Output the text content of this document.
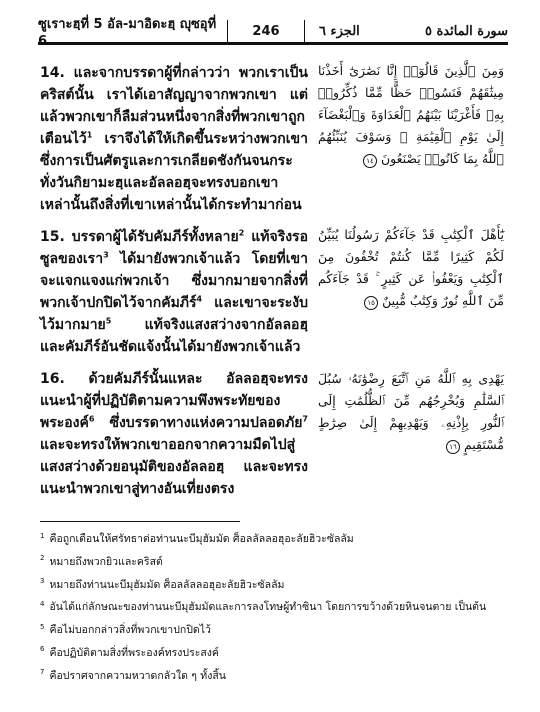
ซูเราะฮฺที่ 5 อัล-มาอิดะฮฺ ญุซอุที่ 6
246	الجزء ٦	سورة المائدة ٥
14. และจากบรรดาผู้ที่กล่าวว่า พวกเราเป็นคริสต์นั้น เราได้เอาสัญญาจากพวกเขา แต่แล้วพวกเขาก็ลืมส่วนหนึ่งจากสิ่งที่พวกเขาถูกเตือนไว้$^1$ เราจึงได้ให้เกิดขึ้นระหว่างพวกเขาซึ่งการเป็นศัตรูและการเกลียดชังกันจนกระทั่งวันกิยามะฮฺและอัลลอฮฺจะทรงบอกเขาเหล่านั้นถึงสิ่งที่เขาเหล่านั้นได้กระทำมาก่อน
وَمِنَ ٱلَّذِينَ قَالُوٓا۟ إِنَّا نَصَٰرَىٰٓ أَخَذْنَا مِيثَٰقَهُمْ فَنَسُوا۟ حَظًّا مِّمَّا ذُكِّرُوا۟ بِهِۦ فَأَغْرَيْنَا بَيْنَهُمُ ٱلْعَدَاوَةَ وَٱلْبَغْضَآءَ إِلَىٰ يَوْمِ ٱلْقِيَٰمَةِ ۚ وَسَوْفَ يُنَبِّئُهُمُ ٱللَّهُ بِمَا كَانُوا۟ يَصْنَعُونَ ١٤
15. บรรดาผู้ได้รับคัมภีร์ทั้งหลาย$^2$ แท้จริงรอซูลของเรา$^3$ ได้มายังพวกเจ้าแล้ว โดยที่เขาจะแจกแจงแก่พวกเจ้า ซึ่งมากมายจากสิ่งที่พวกเจ้าปกปิดไว้จากคัมภีร์$^4$ และเขาจะระงับไว้มากมาย$^5$ แท้จริงแสงสว่างจากอัลลอฮฺ และคัมภีร์อันชัดแจ้งนั้นได้มายังพวกเจ้าแล้ว
يَٰٓأَهْلَ ٱلْكِتَٰبِ قَدْ جَآءَكُمْ رَسُولُنَا يُبَيِّنُ لَكُمْ كَثِيرًا مِّمَّا كُنتُمْ تُخْفُونَ مِنَ ٱلْكِتَٰبِ وَيَعْفُوا۟ عَن كَثِيرٍ ۚ قَدْ جَآءَكُم مِّنَ ٱللَّهِ نُورٌ وَكِتَٰبٌ مُّبِينٌ ١٥
16. ด้วยคัมภีร์นั้นแหละ อัลลอฮฺจะทรงแนะนำผู้ที่ปฏิบัติตามความพึงพระทัยของพระองค์$^6$ ซึ่งบรรดาทางแห่งความปลอดภัย$^7$ และจะทรงให้พวกเขาออกจากความมืดไปสู่แสงสว่างด้วยอนุมัติของอัลลอฮฺ และจะทรงแนะนำพวกเขาสู่ทางอันเที่ยงตรง
يَهْدِى بِهِ ٱللَّهُ مَنِ ٱتَّبَعَ رِضْوَٰنَهُۥ سُبُلَ ٱلسَّلَٰمِ وَيُخْرِجُهُم مِّنَ ٱلظُّلُمَٰتِ إِلَى ٱلنُّورِ بِإِذْنِهِۦ وَيَهْدِيهِمْ إِلَىٰ صِرَٰطٍ مُّسْتَقِيمٍ ١٦
$^1$ คือถูกเตือนให้ศรัทธาต่อท่านนะบีมุฮัมมัด ศ็อลลัลลอฮุอะลัยฮิวะซัลลัม
$^2$ หมายถึงพวกยิวและคริสต์
$^3$ หมายถึงท่านนะบีมุฮัมมัด ศ็อลลัลลอฮุอะลัยฮิวะซัลลัม
$^4$ อันได้แก่ลักษณะของท่านนะบีมุฮัมมัดและการลงโทษผู้ทำซินา โดยการขว้างด้วยหินจนตาย เป็นต้น
$^5$ คือไม่บอกกล่าวสิ่งที่พวกเขาปกปิดไว้
$^6$ คือปฏิบัติตามสิ่งที่พระองค์ทรงประสงค์
$^7$ คือปราศจากความหวาดกลัวใด ๆ ทั้งสิ้น
